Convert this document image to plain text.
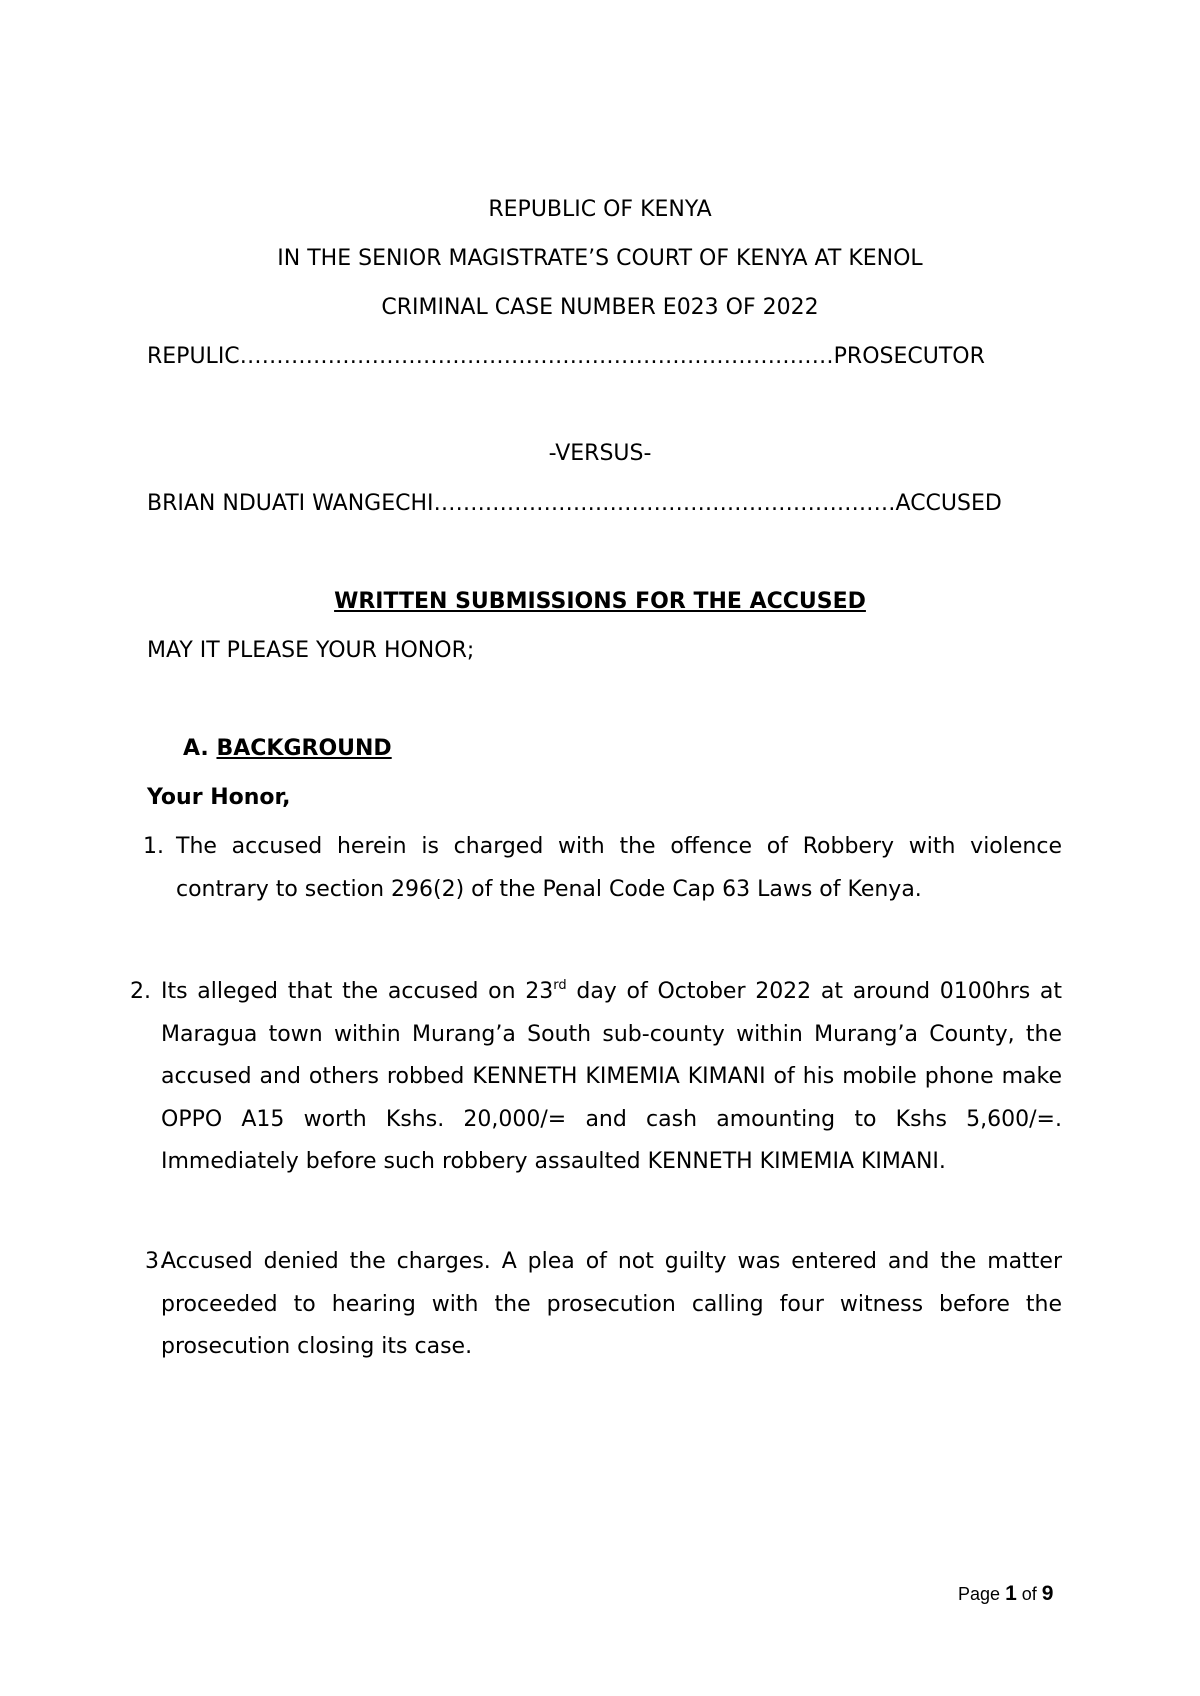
REPUBLIC OF KENYA
IN THE SENIOR MAGISTRATE’S COURT OF KENYA AT KENOL
CRIMINAL CASE NUMBER E023 OF 2022
REPULIC………………………………………………………………………PROSECUTOR
-VERSUS-
BRIAN NDUATI WANGECHI………………………………………………………ACCUSED
WRITTEN SUBMISSIONS FOR THE ACCUSED
MAY IT PLEASE YOUR HONOR;
A. BACKGROUND
Your Honor,
1. The accused herein is charged with the offence of Robbery with violence contrary to section 296(2) of the Penal Code Cap 63 Laws of Kenya.
2. Its alleged that the accused on 23rd day of October 2022 at around 0100hrs at Maragua town within Murang’a South sub-county within Murang’a County, the accused and others robbed KENNETH KIMEMIA KIMANI of his mobile phone make OPPO A15 worth Kshs. 20,000/= and cash amounting to Kshs 5,600/=. Immediately before such robbery assaulted KENNETH KIMEMIA KIMANI.
3.
Accused denied the charges. A plea of not guilty was entered and the matter proceeded to hearing with the prosecution calling four witness before the prosecution closing its case.
Page 1 of 9
